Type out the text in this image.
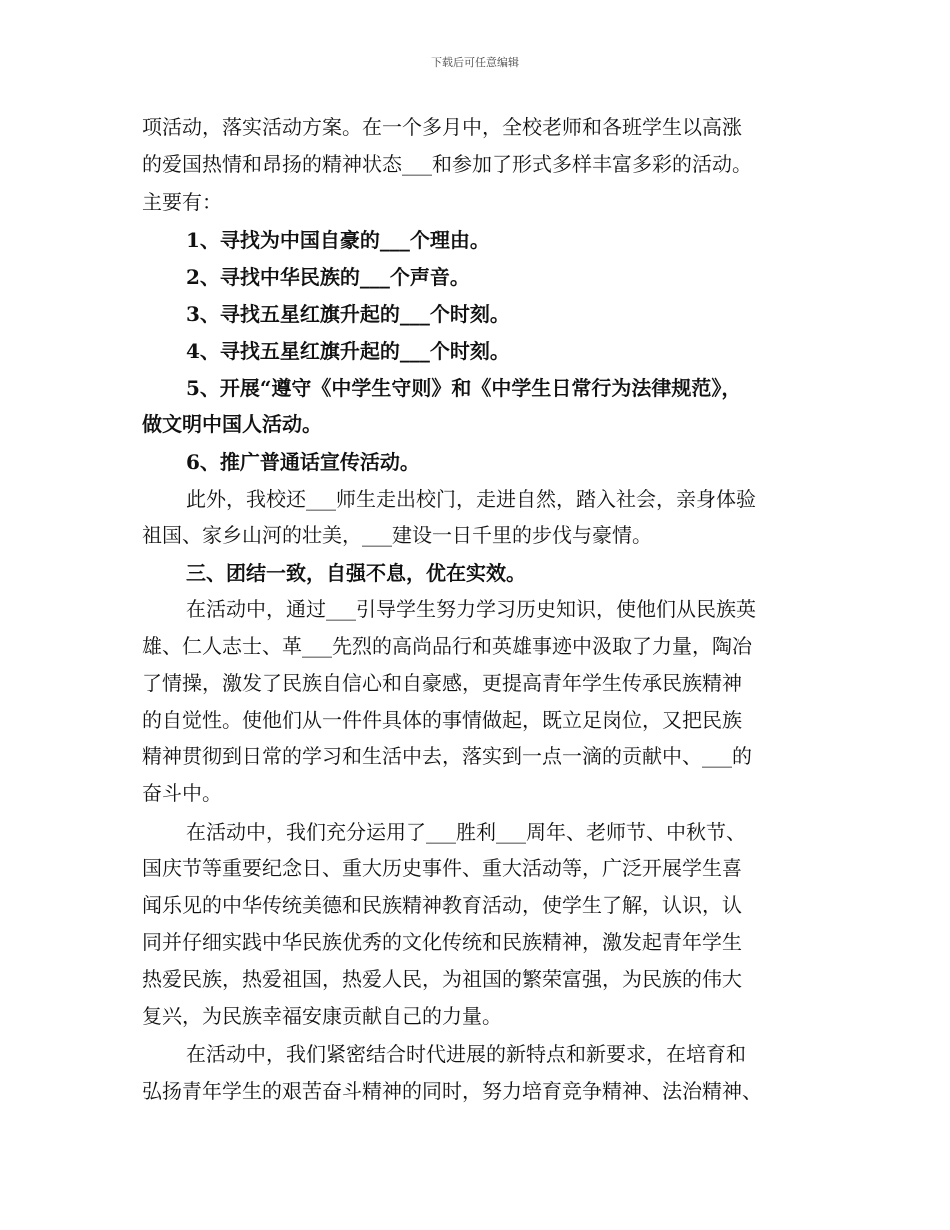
下载后可任意编辑
项活动，落实活动方案。在一个多月中，全校老师和各班学生以高涨
的爱国热情和昂扬的精神状态___和参加了形式多样丰富多彩的活动。
主要有：
1、寻找为中国自豪的___个理由。
2、寻找中华民族的___个声音。
3、寻找五星红旗升起的___个时刻。
4、寻找五星红旗升起的___个时刻。
5、开展“遵守《中学生守则》和《中学生日常行为法律规范》，
做文明中国人活动。
6、推广普通话宣传活动。
此外，我校还___师生走出校门，走进自然，踏入社会，亲身体验
祖国、家乡山河的壮美，___建设一日千里的步伐与豪情。
三、团结一致，自强不息，优在实效。
在活动中，通过___引导学生努力学习历史知识，使他们从民族英
雄、仁人志士、革___先烈的高尚品行和英雄事迹中汲取了力量，陶冶
了情操，激发了民族自信心和自豪感，更提高青年学生传承民族精神
的自觉性。使他们从一件件具体的事情做起，既立足岗位，又把民族
精神贯彻到日常的学习和生活中去，落实到一点一滴的贡献中、___的
奋斗中。
在活动中，我们充分运用了___胜利___周年、老师节、中秋节、
国庆节等重要纪念日、重大历史事件、重大活动等，广泛开展学生喜
闻乐见的中华传统美德和民族精神教育活动，使学生了解，认识，认
同并仔细实践中华民族优秀的文化传统和民族精神，激发起青年学生
热爱民族，热爱祖国，热爱人民，为祖国的繁荣富强，为民族的伟大
复兴，为民族幸福安康贡献自己的力量。
在活动中，我们紧密结合时代进展的新特点和新要求，在培育和
弘扬青年学生的艰苦奋斗精神的同时，努力培育竞争精神、法治精神、
